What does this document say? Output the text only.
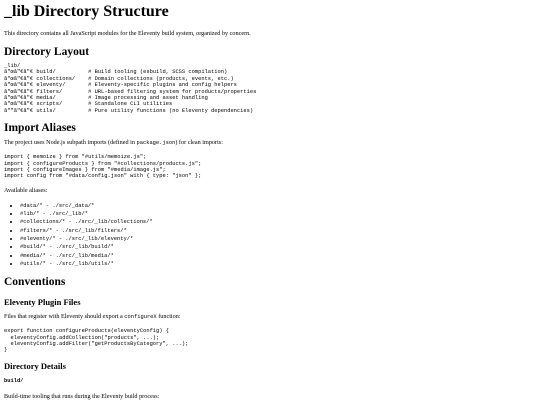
_lib Directory Structure

This directory contains all JavaScript modules for the Eleventy build system, organized by concern.

Directory Layout
_lib/
â"œâ"€â"€ build/          # Build tooling (esbuild, SCSS compilation)
â"œâ"€â"€ collections/    # Domain collections (products, events, etc.)
â"œâ"€â"€ eleventy/       # Eleventy-specific plugins and config helpers
â"œâ"€â"€ filters/        # URL-based filtering system for products/properties
â"œâ"€â"€ media/          # Image processing and asset handling
â"œâ"€â"€ scripts/        # Standalone CLI utilities
â""â"€â"€ utils/          # Pure utility functions (no Eleventy dependencies)
Import Aliases

The project uses Node.js subpath imports (defined in package.json) for clean imports:

import { memoize } from "#utils/memoize.js";
import { configureProducts } from "#collections/products.js";
import { configureImages } from "#media/image.js";
import config from "#data/config.json" with { type: "json" };

Available aliases:

• #data/* - ./src/_data/*
• #lib/* - ./src/_lib/*
• #collections/* - ./src/_lib/collections/*
• #filters/* - ./src/_lib/filters/*
• #eleventy/* - ./src/_lib/eleventy/*
• #build/* - ./src/_lib/build/*
• #media/* - ./src/_lib/media/*
• #utils/* - ./src/_lib/utils/*
Conventions
Eleventy Plugin Files

Files that register with Eleventy should export a configureX function:

export function configureProducts(eleventyConfig) {
eleventyConfig.addCollection("products", ...);
eleventyConfig.addFilter("getProductsByCategory", ...);
}
Directory Details

build/

Build-time tooling that runs during the Eleventy build process:
